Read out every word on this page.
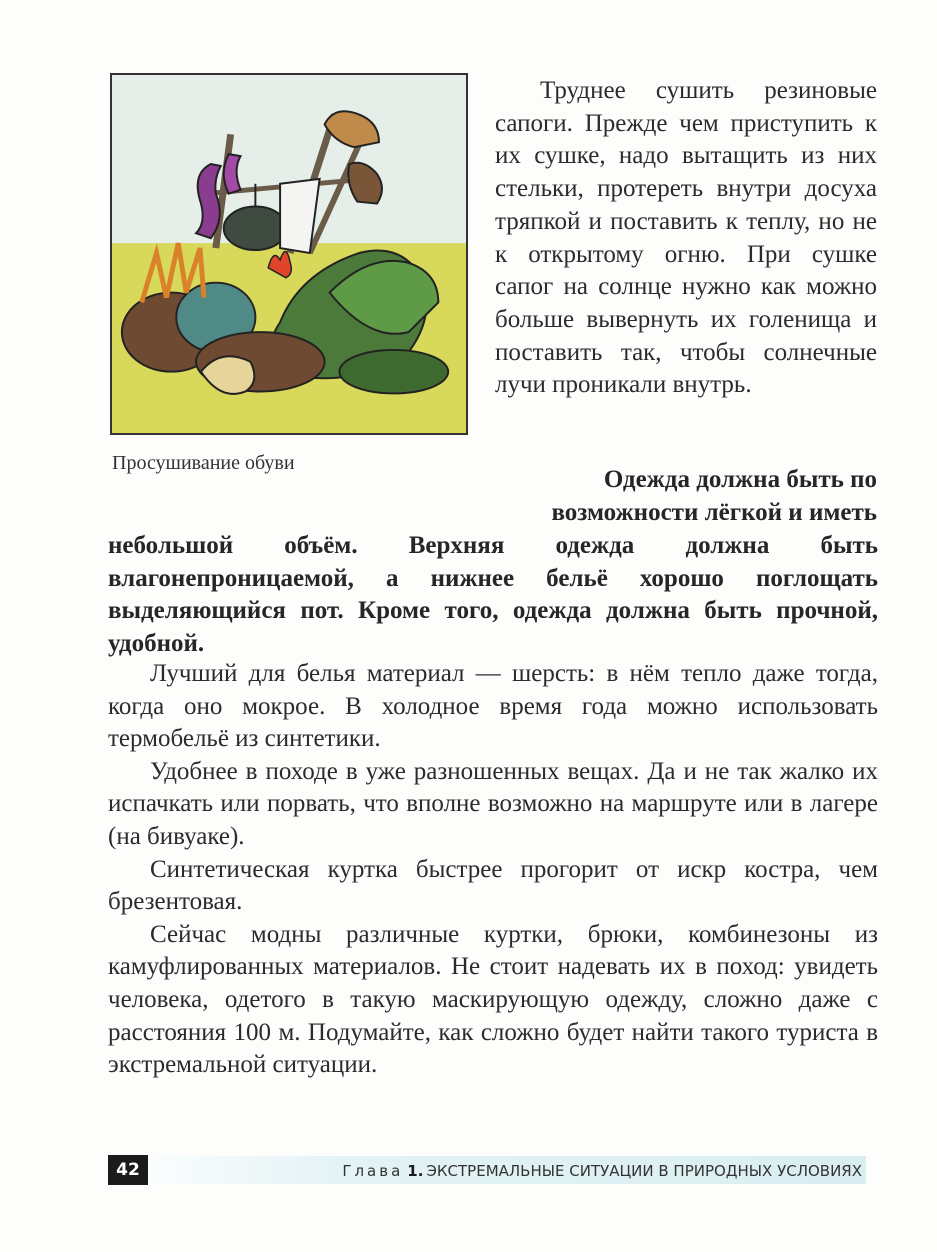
Просушивание обуви

Труднее сушить резиновые сапоги. Прежде чем приступить к их сушке, надо вытащить из них стельки, протереть внутри досуха тряпкой и поставить к теплу, но не к открытому огню. При сушке сапог на солнце нужно как можно больше вывернуть их голенища и поставить так, чтобы солнечные лучи проникали внутрь.

Одежда должна быть по возможности лёгкой и иметь

небольшой объём. Верхняя одежда должна быть влагонепроницаемой, а нижнее бельё хорошо поглощать выделяющийся пот. Кроме того, одежда должна быть прочной, удобной.

Лучший для белья материал — шерсть: в нём тепло даже тогда, когда оно мокрое. В холодное время года можно использовать термобельё из синтетики.

Удобнее в походе в уже разношенных вещах. Да и не так жалко их испачкать или порвать, что вполне возможно на маршруте или в лагере (на бивуаке).

Синтетическая куртка быстрее прогорит от искр костра, чем брезентовая.

Сейчас модны различные куртки, брюки, комбинезоны из камуфлированных материалов. Не стоит надевать их в поход: увидеть человека, одетого в такую маскирующую одежду, сложно даже с расстояния 100 м. Подумайте, как сложно будет найти такого туриста в экстремальной ситуации.

42	Глава 1. ЭКСТРЕМАЛЬНЫЕ СИТУАЦИИ В ПРИРОДНЫХ УСЛОВИЯХ
